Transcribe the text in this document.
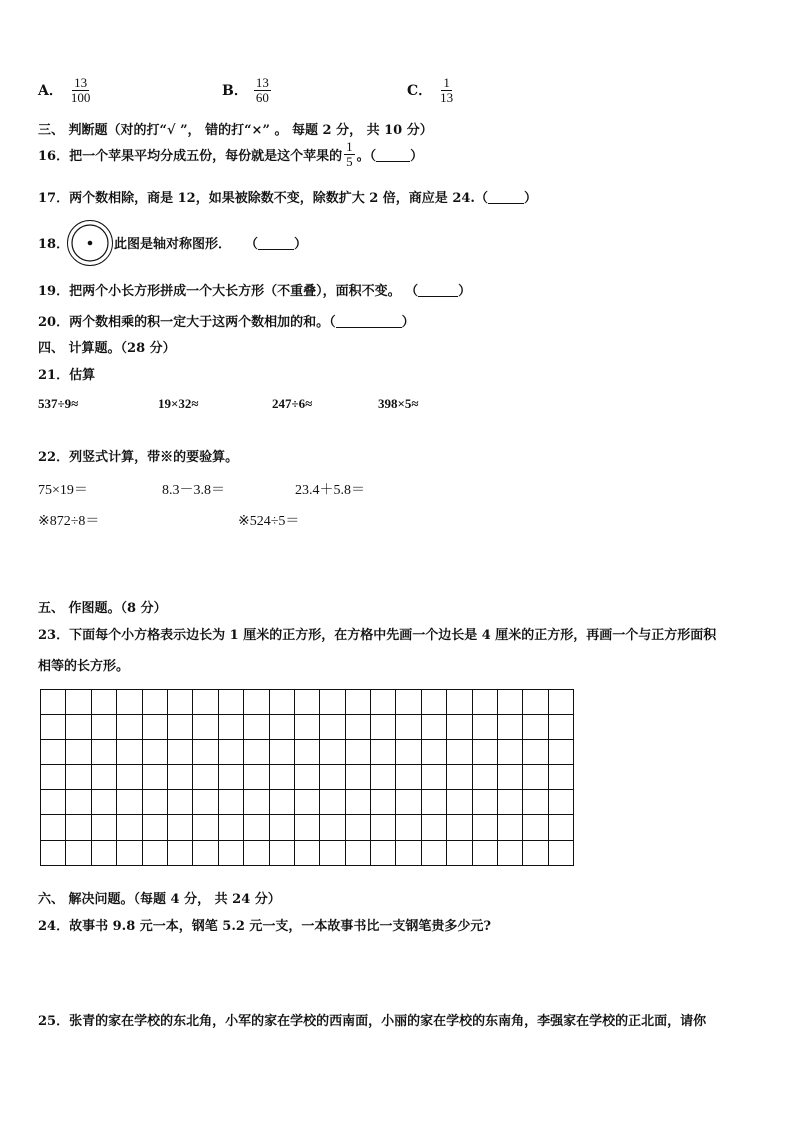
A． $\frac{13}{100}$	B． $\frac{13}{60}$	C． $\frac{1}{13}$
三、 判断题（对的打“√ ”， 错的打“×” 。 每题 2 分， 共 10 分）
16．把一个苹果平均分成五份，每份就是这个苹果的 $\frac{1}{5}$ 。（	）
17．两个数相除，商是 12，如果被除数不变，除数扩大 2 倍，商应是 24.（	）
18．	此图是轴对称图形． （	）
19．把两个小长方形拼成一个大长方形（不重叠），面积不变。 （	）
20．两个数相乘的积一定大于这两个数相加的和。（	）
四、 计算题。（28 分）
21．估算
537÷9≈	19×32≈	247÷6≈	398×5≈
22．列竖式计算，带※的要验算。
75×19＝	8.3－3.8＝	23.4＋5.8＝
※872÷8＝	※524÷5＝
五、 作图题。（8 分）
23．下面每个小方格表示边长为 1 厘米的正方形，在方格中先画一个边长是 4 厘米的正方形，再画一个与正方形面积
相等的长方形。

六、 解决问题。（每题 4 分， 共 24 分）
24．故事书 9.8 元一本，钢笔 5.2 元一支，一本故事书比一支钢笔贵多少元?
25．张青的家在学校的东北角，小军的家在学校的西南面，小丽的家在学校的东南角，李强家在学校的正北面，请你
